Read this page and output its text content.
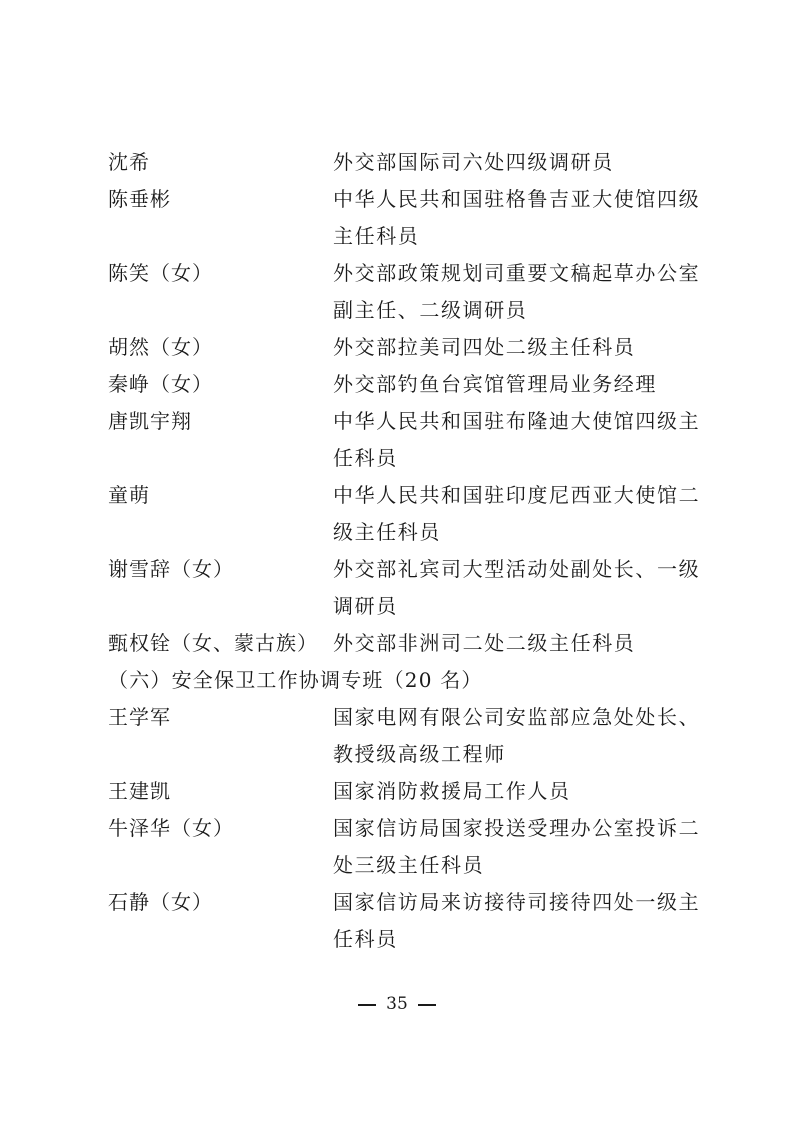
沈希	外交部国际司六处四级调研员
陈垂彬	中华人民共和国驻格鲁吉亚大使馆四级
主任科员
陈笑（女）	外交部政策规划司重要文稿起草办公室
副主任、二级调研员
胡然（女）	外交部拉美司四处二级主任科员
秦峥（女）	外交部钓鱼台宾馆管理局业务经理
唐凯宇翔	中华人民共和国驻布隆迪大使馆四级主
任科员
童萌	中华人民共和国驻印度尼西亚大使馆二
级主任科员
谢雪辞（女）	外交部礼宾司大型活动处副处长、一级
调研员
甄权铨（女、蒙古族） 外交部非洲司二处二级主任科员
（六）安全保卫工作协调专班（20 名）
王学军	国家电网有限公司安监部应急处处长、
教授级高级工程师
王建凯	国家消防救援局工作人员
牛泽华（女）	国家信访局国家投送受理办公室投诉二
处三级主任科员
石静（女）	国家信访局来访接待司接待四处一级主
任科员
35
